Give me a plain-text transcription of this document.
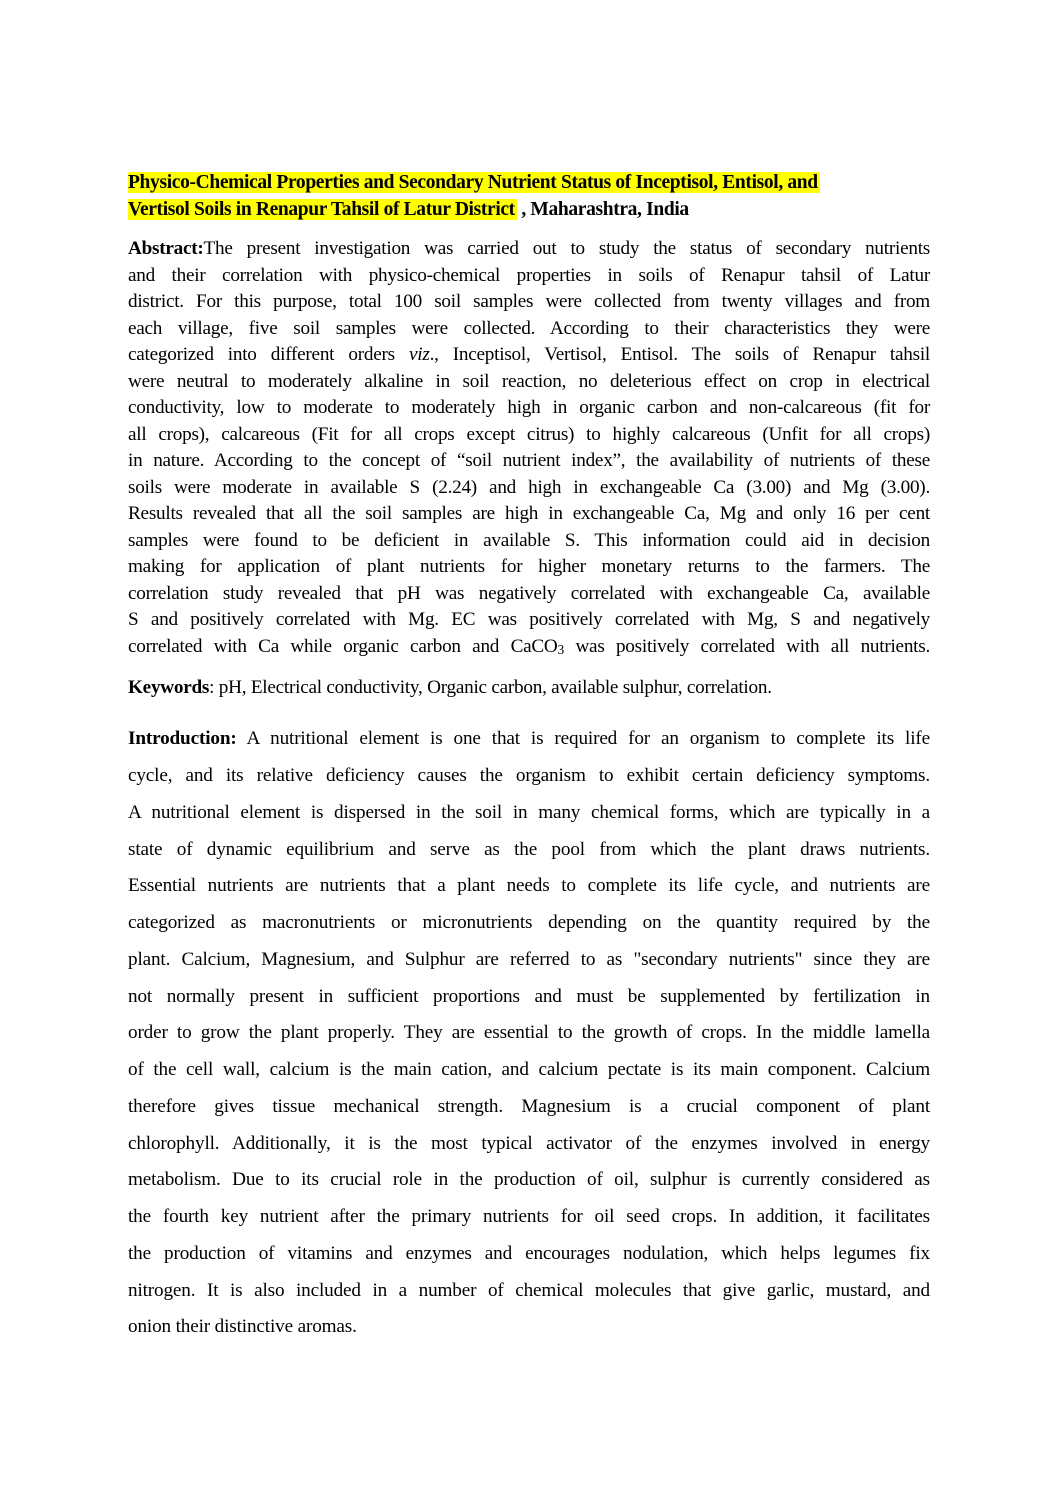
Physico-Chemical Properties and Secondary Nutrient Status of Inceptisol, Entisol, and
Vertisol Soils in Renapur Tahsil of Latur District , Maharashtra, India
Abstract:The present investigation was carried out to study the status of secondary nutrients
and their correlation with physico-chemical properties in soils of Renapur tahsil of Latur
district. For this purpose, total 100 soil samples were collected from twenty villages and from
each village, five soil samples were collected. According to their characteristics they were
categorized into different orders viz., Inceptisol, Vertisol, Entisol. The soils of Renapur tahsil
were neutral to moderately alkaline in soil reaction, no deleterious effect on crop in electrical
conductivity, low to moderate to moderately high in organic carbon and non-calcareous (fit for
all crops), calcareous (Fit for all crops except citrus) to highly calcareous (Unfit for all crops)
in nature. According to the concept of “soil nutrient index”, the availability of nutrients of these
soils were moderate in available S (2.24) and high in exchangeable Ca (3.00) and Mg (3.00).
Results revealed that all the soil samples are high in exchangeable Ca, Mg and only 16 per cent
samples were found to be deficient in available S. This information could aid in decision
making for application of plant nutrients for higher monetary returns to the farmers. The
correlation study revealed that pH was negatively correlated with exchangeable Ca, available
S and positively correlated with Mg. EC was positively correlated with Mg, S and negatively
correlated with Ca while organic carbon and CaCO$_3$ was positively correlated with all nutrients.
Keywords: pH, Electrical conductivity, Organic carbon, available sulphur, correlation.
Introduction: A nutritional element is one that is required for an organism to complete its life
cycle, and its relative deficiency causes the organism to exhibit certain deficiency symptoms.
A nutritional element is dispersed in the soil in many chemical forms, which are typically in a
state of dynamic equilibrium and serve as the pool from which the plant draws nutrients.
Essential nutrients are nutrients that a plant needs to complete its life cycle, and nutrients are
categorized as macronutrients or micronutrients depending on the quantity required by the
plant. Calcium, Magnesium, and Sulphur are referred to as "secondary nutrients" since they are
not normally present in sufficient proportions and must be supplemented by fertilization in
order to grow the plant properly. They are essential to the growth of crops. In the middle lamella
of the cell wall, calcium is the main cation, and calcium pectate is its main component. Calcium
therefore gives tissue mechanical strength. Magnesium is a crucial component of plant
chlorophyll. Additionally, it is the most typical activator of the enzymes involved in energy
metabolism. Due to its crucial role in the production of oil, sulphur is currently considered as
the fourth key nutrient after the primary nutrients for oil seed crops. In addition, it facilitates
the production of vitamins and enzymes and encourages nodulation, which helps legumes fix
nitrogen. It is also included in a number of chemical molecules that give garlic, mustard, and
onion their distinctive aromas.
